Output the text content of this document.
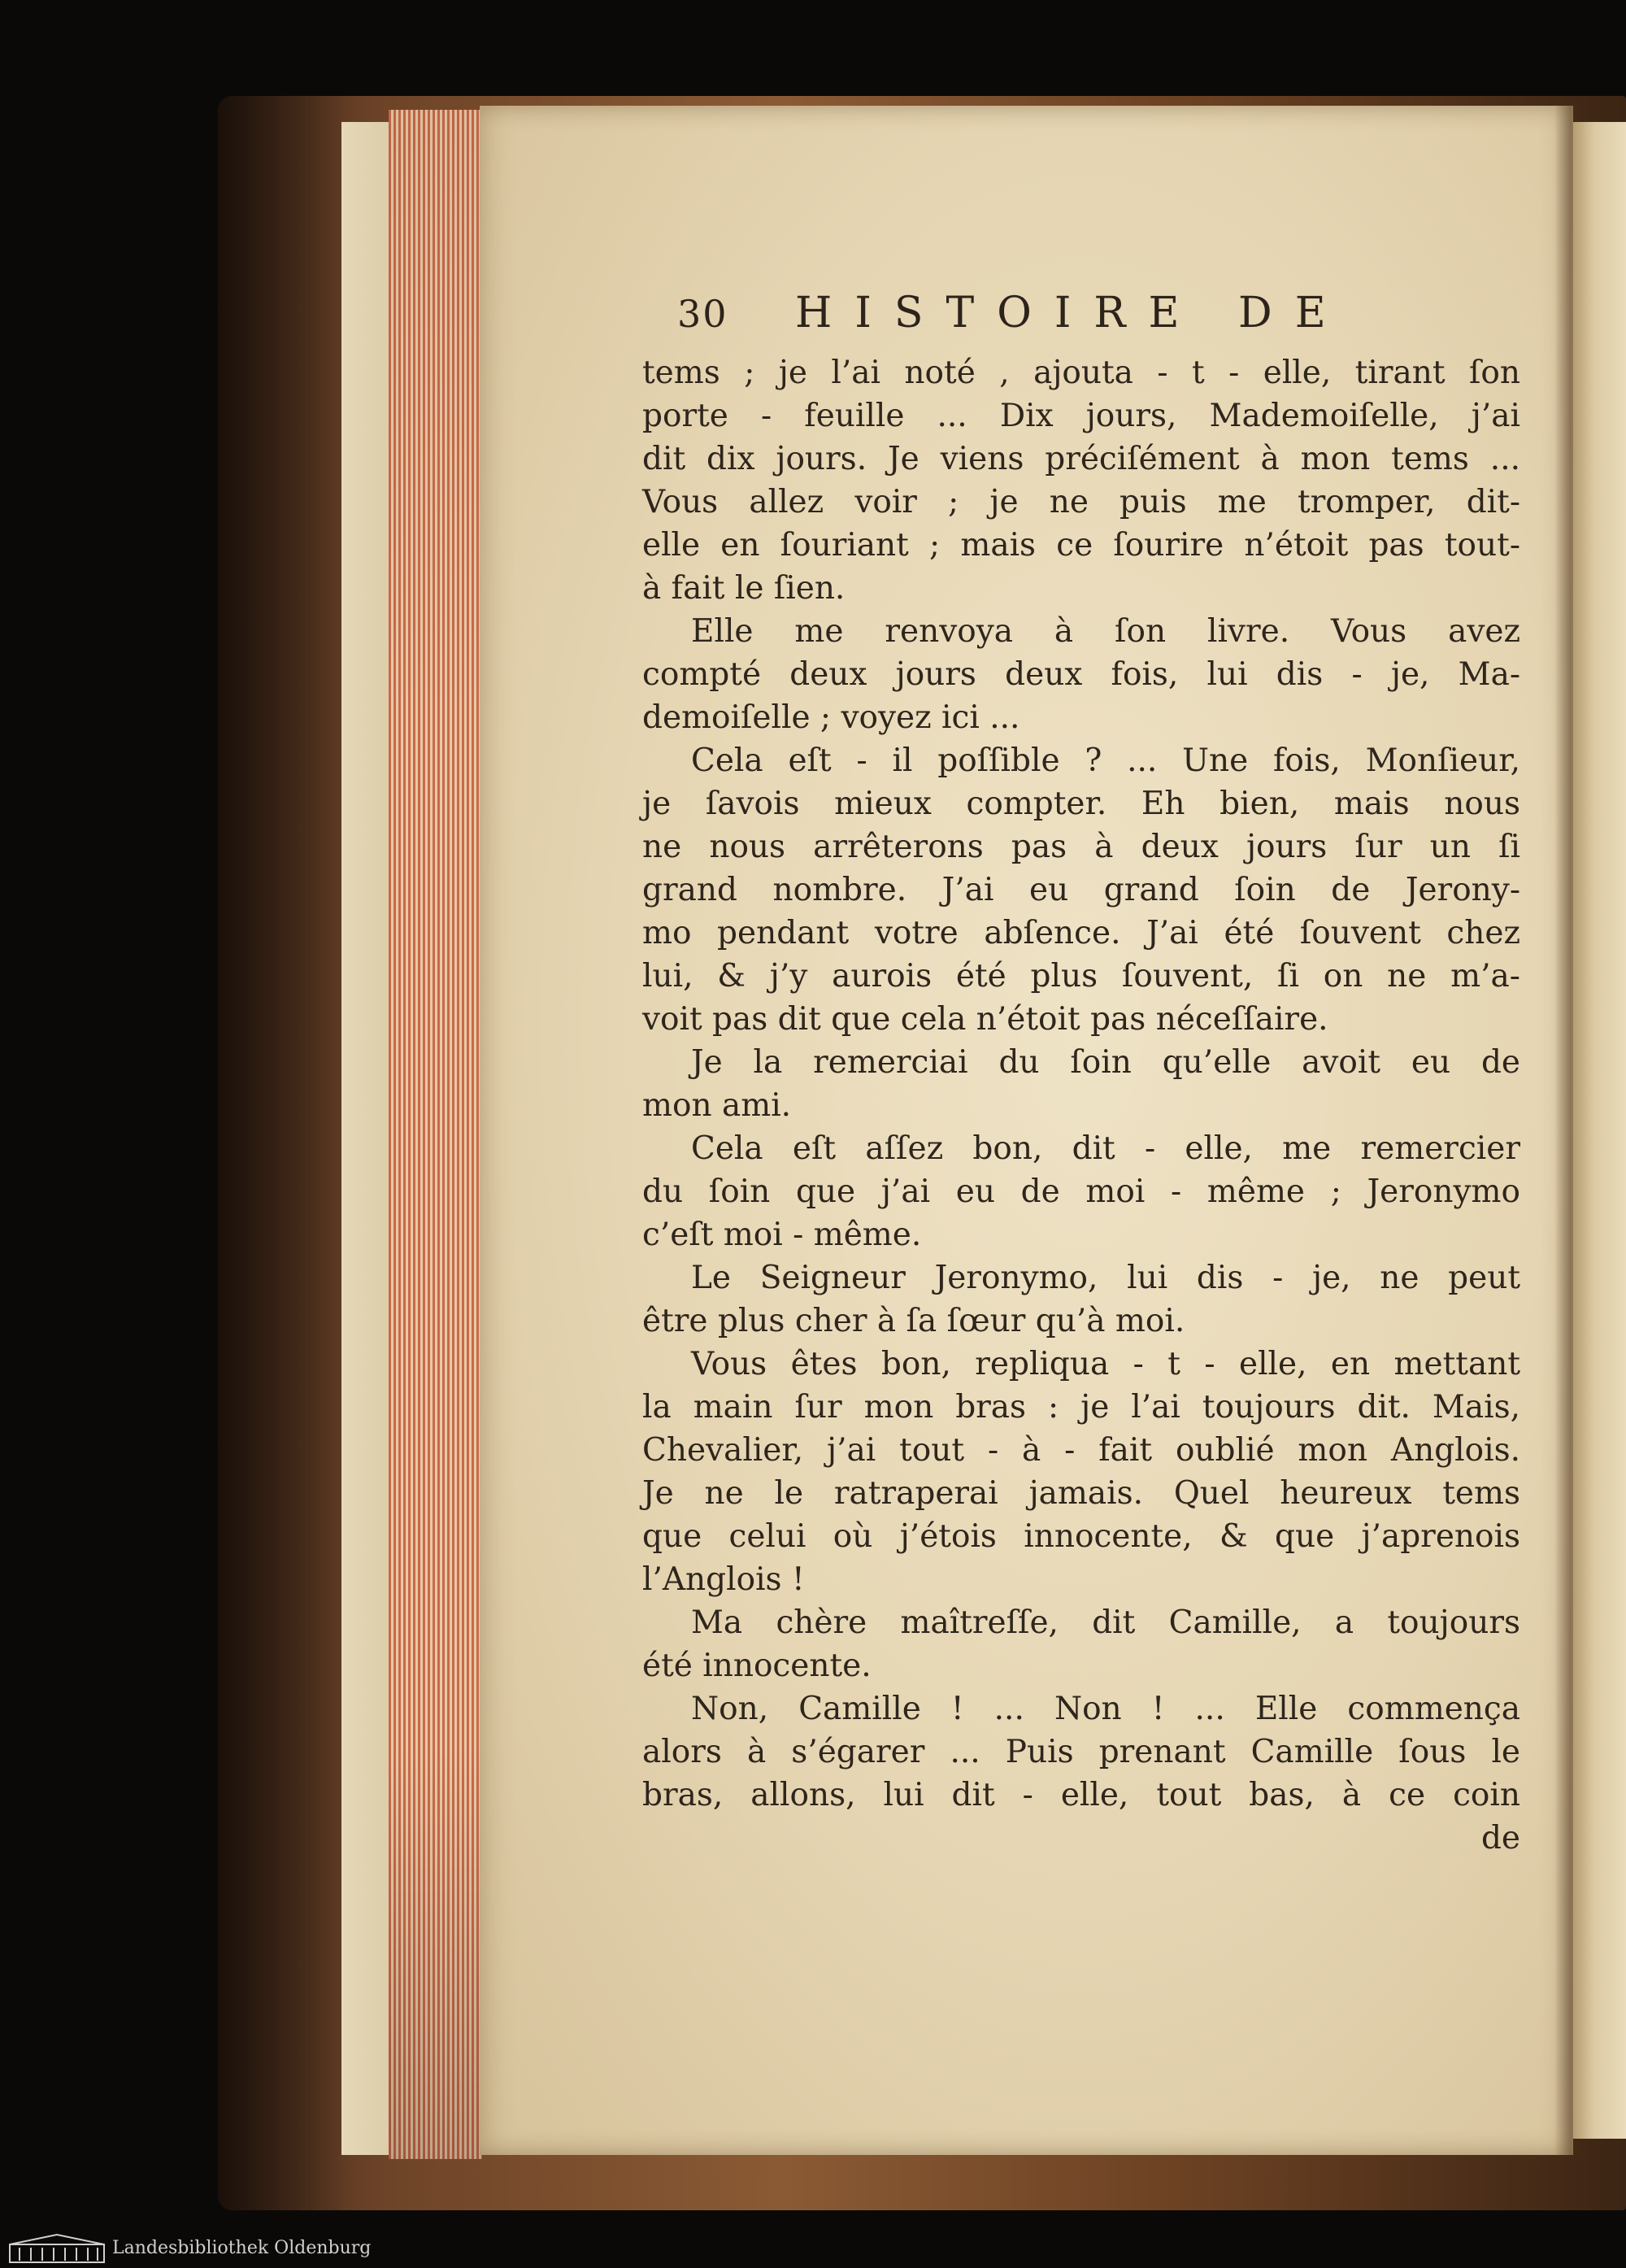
30 HISTOIRE DE
tems ; je l’ai noté , ajouta - t - elle, tirant ſon
porte - feuille ... Dix jours, Mademoiſelle, j’ai
dit dix jours. Je viens préciſément à mon tems ...
Vous allez voir ; je ne puis me tromper, dit-
elle en ſouriant ; mais ce ſourire n’étoit pas tout-
à fait le ſien.
Elle me renvoya à ſon livre. Vous avez
compté deux jours deux fois, lui dis - je, Ma-
demoiſelle ; voyez ici ...
Cela eſt - il poſſible ? ... Une fois, Monſieur,
je ſavois mieux compter. Eh bien, mais nous
ne nous arrêterons pas à deux jours ſur un ſi
grand nombre. J’ai eu grand ſoin de Jerony-
mo pendant votre abſence. J’ai été ſouvent chez
lui, & j’y aurois été plus ſouvent, ſi on ne m’a-
voit pas dit que cela n’étoit pas néceſſaire.
Je la remerciai du ſoin qu’elle avoit eu de
mon ami.
Cela eſt aſſez bon, dit - elle, me remercier
du ſoin que j’ai eu de moi - même ; Jeronymo
c’eſt moi - même.
Le Seigneur Jeronymo, lui dis - je, ne peut
être plus cher à ſa ſœur qu’à moi.
Vous êtes bon, repliqua - t - elle, en mettant
la main ſur mon bras : je l’ai toujours dit. Mais,
Chevalier, j’ai tout - à - fait oublié mon Anglois.
Je ne le ratraperai jamais. Quel heureux tems
que celui où j’étois innocente, & que j’aprenois
l’Anglois !
Ma chère maîtreſſe, dit Camille, a toujours
été innocente.
Non, Camille ! ... Non ! ... Elle commença
alors à s’égarer ... Puis prenant Camille ſous le
bras, allons, lui dit - elle, tout bas, à ce coin
de
Landesbibliothek Oldenburg
